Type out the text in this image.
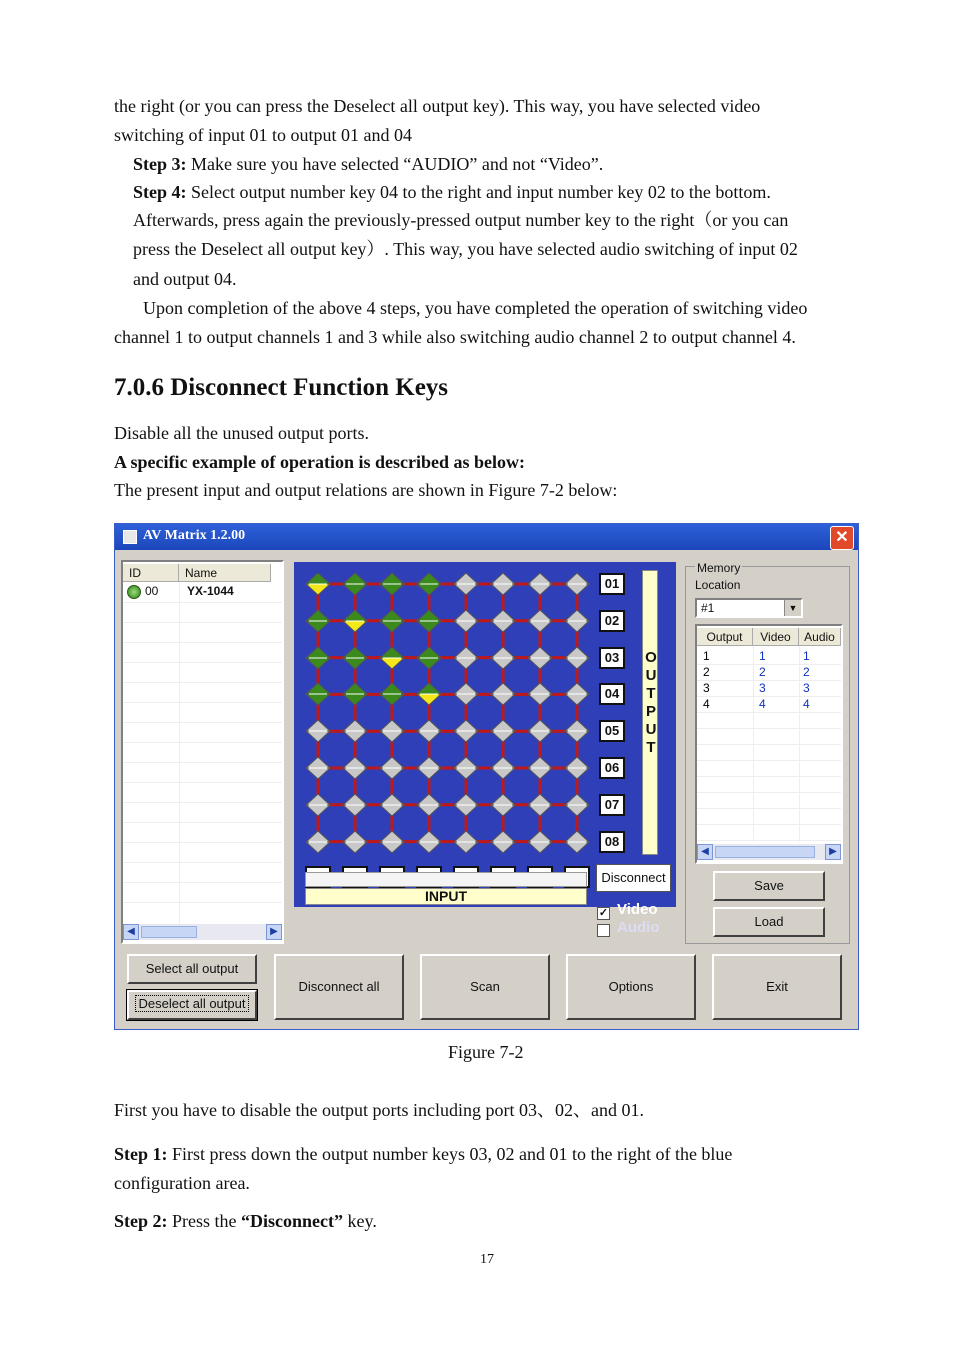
the right (or you can press the Deselect all output key). This way, you have selected video
switching of input 01 to output 01 and 04
Step 3: Make sure you have selected “AUDIO” and not “Video”.
Step 4: Select output number key 04 to the right and input number key 02 to the bottom.
Afterwards, press again the previously-pressed output number key to the right（or you can
press the Deselect all output key）. This way, you have selected audio switching of input 02
and output 04.
Upon completion of the above 4 steps, you have completed the operation of switching video
channel 1 to output channels 1 and 3 while also switching audio channel 2 to output channel 4.
7.0.6 Disconnect Function Keys
Disable all the unused output ports.
A specific example of operation is described as below:
The present input and output relations are shown in Figure 7-2 below:
AV Matrix 1.2.00	✕
ID	Name
00 YX-1044
◀	▶
O
U
T
P
U
T
01
02
03
04
05
06
07
08
INPUT
Disconnect
✓ Video
Audio
Memory
Location
#1	▼
Output	Video	Audio
1	1	1
2	2	2
3	3	3
4	4	4
◀	▶
Save
Load
Select all output
Deselect all output
Disconnect all	Scan	Options	Exit
Figure 7-2
First you have to disable the output ports including port 03、02、and 01.
Step 1: First press down the output number keys 03, 02 and 01 to the right of the blue
configuration area.
Step 2: Press the “Disconnect” key.
17
